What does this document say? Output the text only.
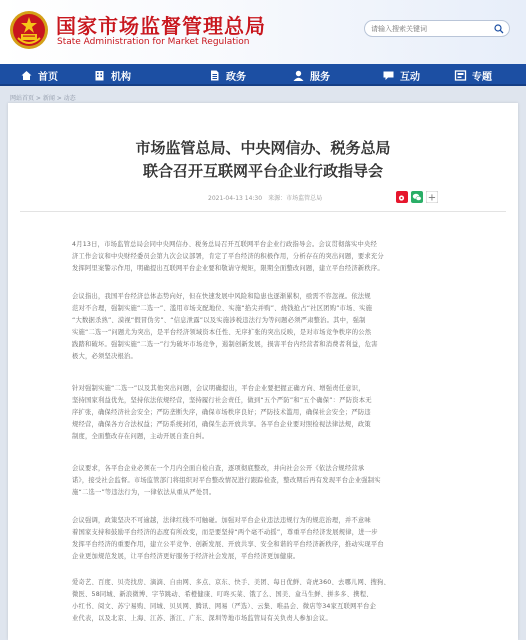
国家市场监督管理总局
State Administration for Market Regulation
请输入搜索关键词
首页	机构	政务	服务	互动	专题
网站首页 > 新闻 > 动态
市场监管总局、中央网信办、税务总局
联合召开互联网平台企业行政指导会
2021-04-13 14:30　来源：市场监管总局	+
4月13日，市场监管总局会同中央网信办、税务总局召开互联网平台企业行政指导会。会议贯彻落实中央经
济工作会议和中央财经委员会第九次会议部署，肯定了平台经济的积极作用，分析存在的突出问题，要求充分
发挥阿里案警示作用，明确提出互联网平台企业要和敬请守规矩，限期全面整改问题，建立平台经济新秩序。
会议指出，我国平台经济总体态势向好，但在快速发展中风险和隐患也逐渐累积，亟需不容忽视。依法规
范对不合理，强制实施“二选一”、滥用市场支配地位、实施“掐尖并购”、烧钱抢占“社区团购”市场、实施
“大数据杀熟”、漠视“假冒伪劣”、“信息泄露”以及实施涉税违法行为等问题必须严肃整治。其中，强制
实施“二选一”问题尤为突出，是平台经济领域资本任性、无序扩张的突出反映，是对市场竞争秩序的公然
践踏和破坏。强制实施“二选一”行为破坏市场竞争，遏制创新发展，损害平台内经营者和消费者利益，危害
极大，必须坚决根治。
针对强制实施“二选一”以及其他突出问题，会议明确提出，平台企业要把握正确方向、增强责任意识，
坚持国家利益优先，坚持依法依规经营，坚持履行社会责任，做到“五个严防”和“五个确保”：严防资本无
序扩张，确保经济社会安全；严防垄断失序，确保市场秩序良好；严防技术滥用，确保社会安全；严防违
规经营，确保各方合法权益；严防系统封闭，确保生态开放共享。各平台企业要对照检视法律法规，政策
制度，全面整改存在问题，主动开展自查自纠。
会议要求，各平台企业必须在一个月内全面自检自查，逐项彻底整改，并向社会公开《依法合规经营承
诺》，接受社会监督。市场监管部门将组织对平台整改情况进行跟踪检查，整改期后再有发现平台企业强制实
施“二选一”等违法行为，一律依法从重从严处罚。
会议强调，政策坚决不可逾越，法律红线不可触碰。加强对平台企业违法违规行为的规范治理，并不意味
着国家支持和鼓励平台经济的态度有所改变，而是要坚持“两个毫不动摇”，尊重平台经济发展规律，进一步
发挥平台经济的重要作用，建立公平竞争、创新发展、开放共享、安全和谐的平台经济新秩序，推动实现平台
企业更加规范发展，让平台经济更好服务于经济社会发展，平台经济更加健康。
爱奇艺、百度、贝壳找房、滴滴、自由网、多点、京东、快手、美团、每日优鲜、奇虎360、去哪儿网、搜狗、
微医、58同城、新浪微博、字节跳动、希橙健康、叮咚买菜、饿了么、国美、盒马生鲜、拼多多、携程、
小红书、阅文、苏宁易购、同城、贝贝网、腾讯、网易（严选）、云集、唯品会、微店等34家互联网平台企
业代表，以及北京、上海、江苏、浙江、广东、深圳等地市场监管局有关负责人参加会议。
